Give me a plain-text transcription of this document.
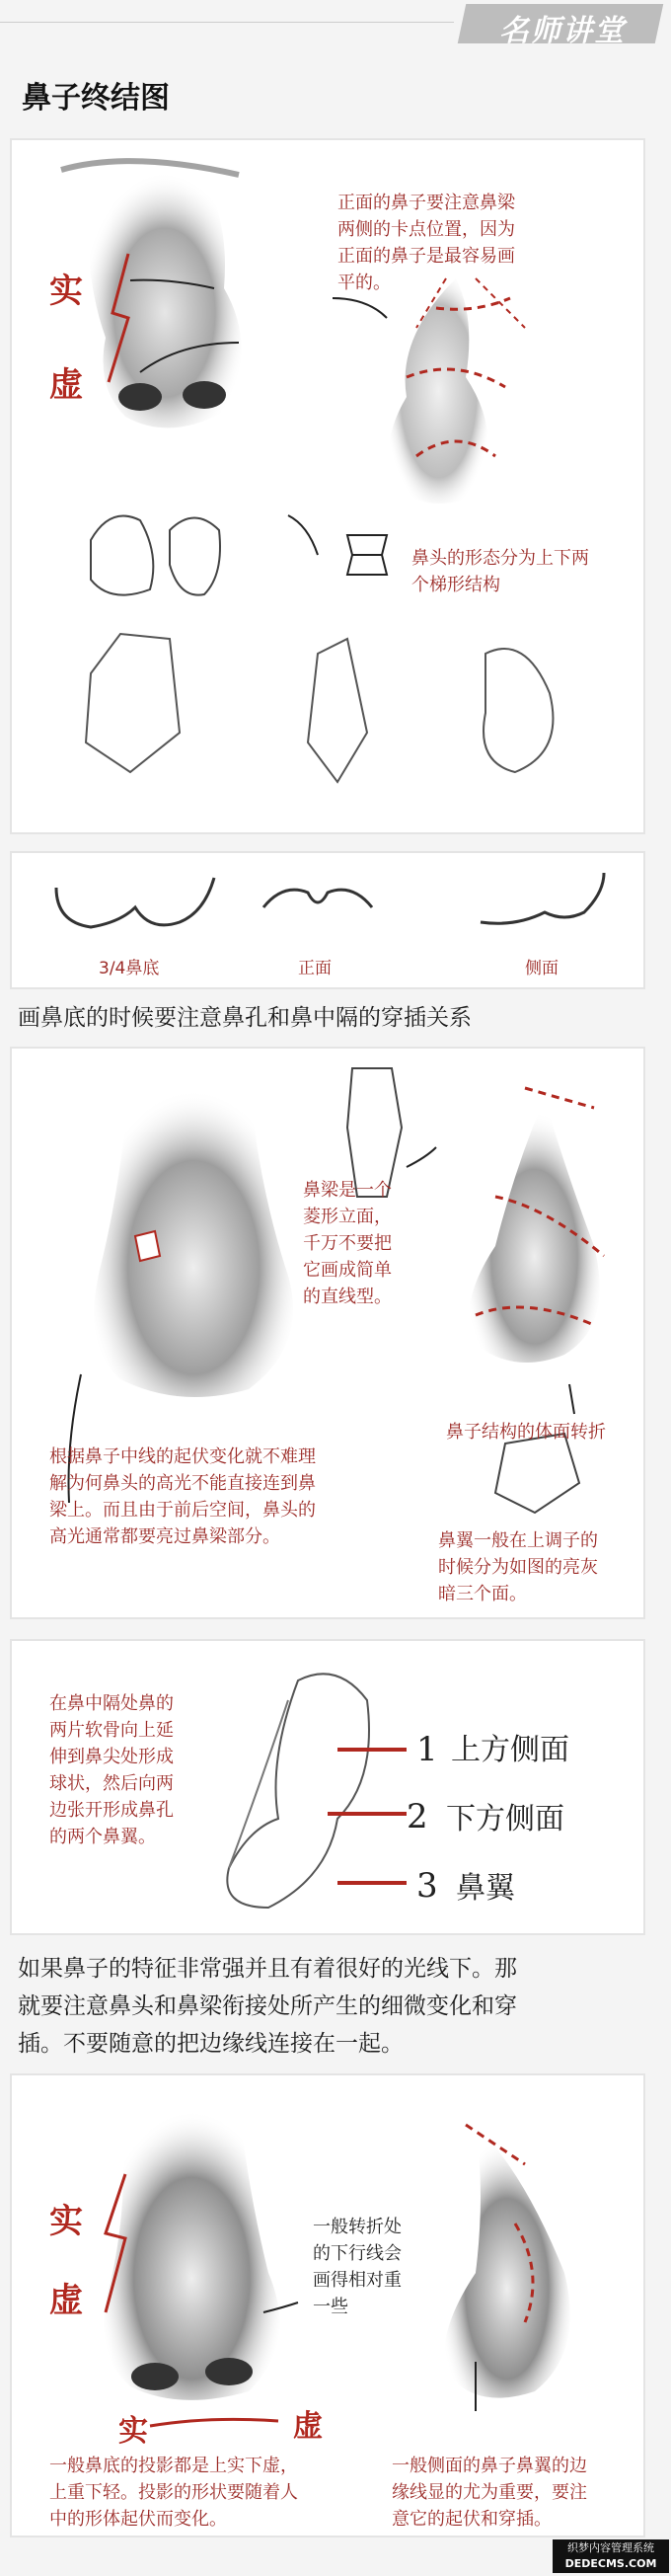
名师讲堂
鼻子终结图
实
虚
正面的鼻子要注意鼻梁
两侧的卡点位置，因为
正面的鼻子是最容易画
平的。
鼻头的形态分为上下两
个梯形结构
3/4鼻底	正面	侧面
画鼻底的时候要注意鼻孔和鼻中隔的穿插关系
鼻梁是一个
菱形立面，
千万不要把
它画成简单
的直线型。
鼻子结构的体面转折
根据鼻子中线的起伏变化就不难理
解为何鼻头的高光不能直接连到鼻
梁上。而且由于前后空间，鼻头的
高光通常都要亮过鼻梁部分。	鼻翼一般在上调子的
时候分为如图的亮灰
暗三个面。
在鼻中隔处鼻的
两片软骨向上延
伸到鼻尖处形成
球状，然后向两
边张开形成鼻孔
的两个鼻翼。
1
2
3
上方侧面
下方侧面
鼻翼
如果鼻子的特征非常强并且有着很好的光线下。那
就要注意鼻头和鼻梁衔接处所产生的细微变化和穿
插。不要随意的把边缘线连接在一起。
实
虚
实	虚
一般转折处
的下行线会
画得相对重
一些
一般鼻底的投影都是上实下虚，
上重下轻。投影的形状要随着人
中的形体起伏而变化。
一般侧面的鼻子鼻翼的边
缘线显的尤为重要，要注
意它的起伏和穿插。
织梦内容管理系统
DEDECMS.COM
